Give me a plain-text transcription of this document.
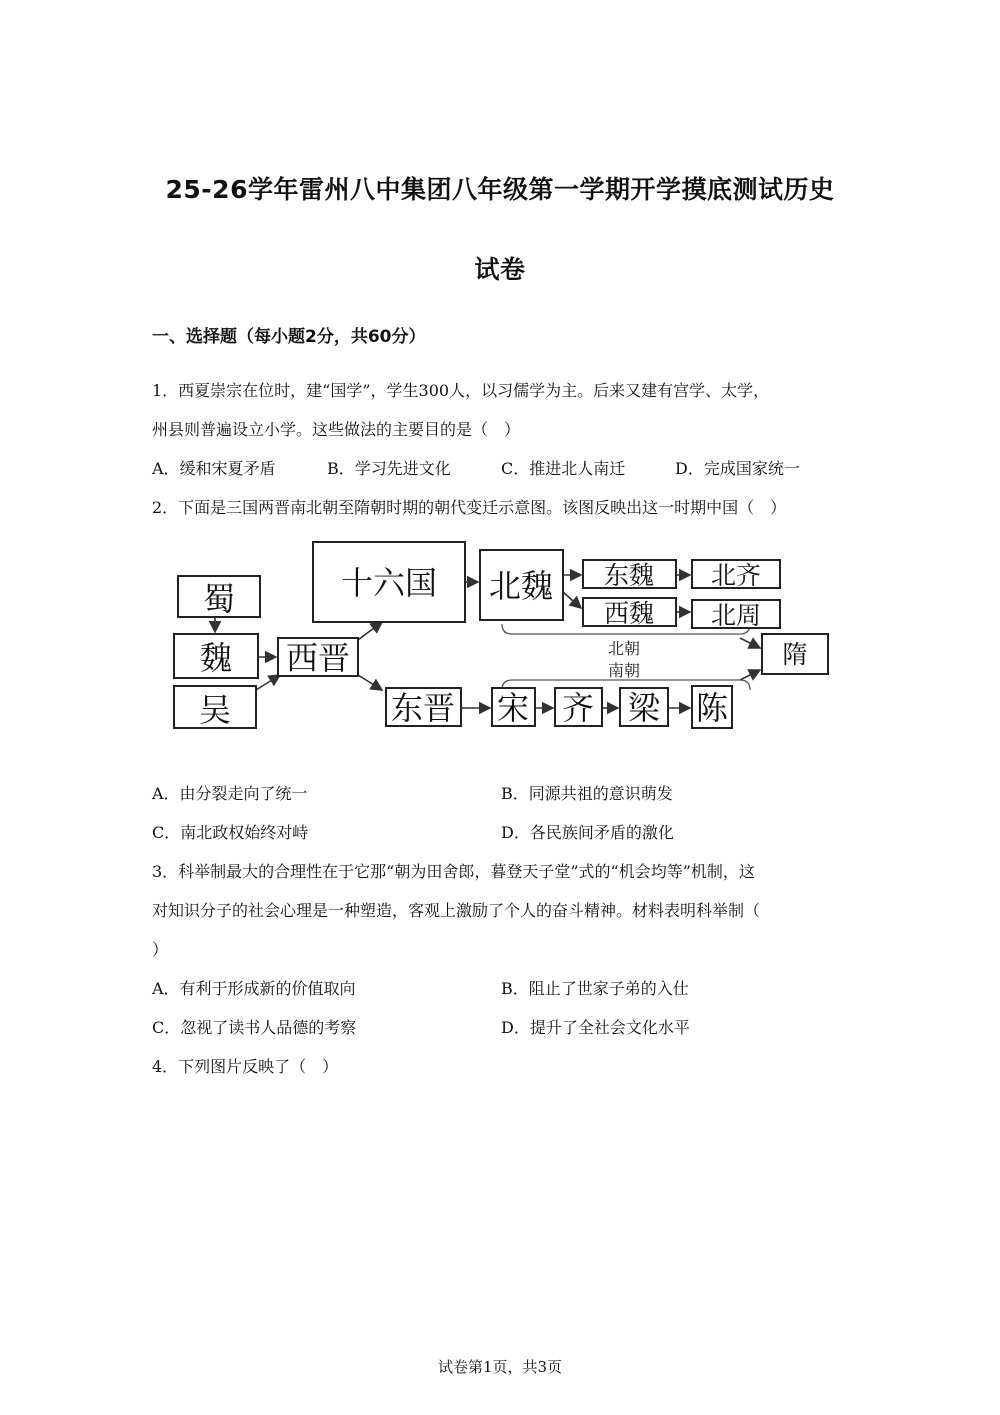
25-26学年雷州八中集团八年级第一学期开学摸底测试历史
试卷
一、选择题（每小题2分，共60分）
1．西夏崇宗在位时，建“国学”，学生300人，以习儒学为主。后来又建有宫学、太学，
州县则普遍设立小学。这些做法的主要目的是（　）
A．缓和宋夏矛盾	B．学习先进文化	C．推进北人南迁	D．完成国家统一
2．下面是三国两晋南北朝至隋朝时期的朝代变迁示意图。该图反映出这一时期中国（　）
蜀
魏
吴
西晋
十六国 北魏 东魏 北齐
西魏 北周
隋
东晋 宋 齐 梁 陈
北朝
南朝
A．由分裂走向了统一	B．同源共祖的意识萌发
C．南北政权始终对峙	D．各民族间矛盾的激化
3．科举制最大的合理性在于它那“朝为田舍郎，暮登天子堂”式的“机会均等”机制，这
对知识分子的社会心理是一种塑造，客观上激励了个人的奋斗精神。材料表明科举制（
）
A．有利于形成新的价值取向	B．阻止了世家子弟的入仕
C．忽视了读书人品德的考察	D．提升了全社会文化水平
4．下列图片反映了（　）
试卷第1页，共3页
